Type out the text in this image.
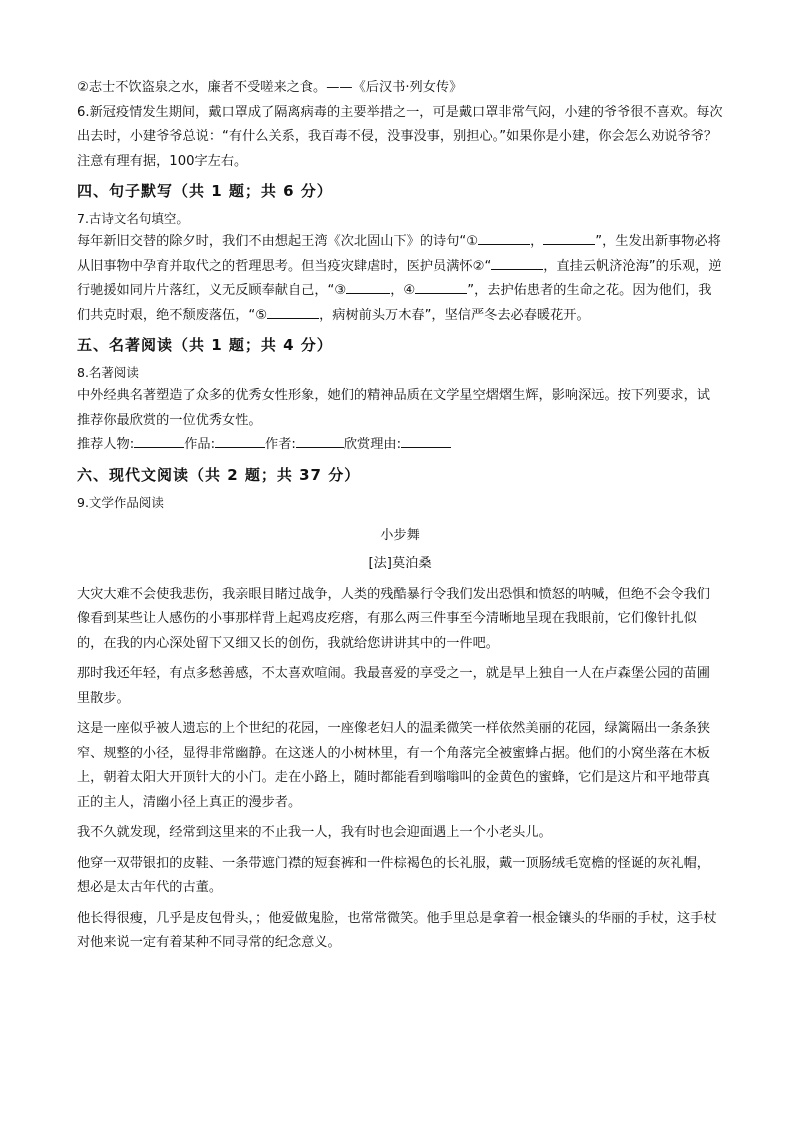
②志士不饮盗泉之水，廉者不受嗟来之食。——《后汉书·列女传》

6.新冠疫情发生期间，戴口罩成了隔离病毒的主要举措之一，可是戴口罩非常气闷，小建的爷爷很不喜欢。每次出去时，小建爷爷总说：“有什么关系，我百毒不侵，没事没事，别担心。”如果你是小建，你会怎么劝说爷爷？注意有理有据，100字左右。

四、句子默写（共 1 题；共 6 分）

7.古诗文名句填空。

每年新旧交替的除夕时，我们不由想起王湾《次北固山下》的诗句“①	，	”，生发出新事物必将从旧事物中孕育并取代之的哲理思考。但当疫灾肆虐时，医护员满怀②“	，直挂云帆济沧海”的乐观，逆行驰援如同片片落红，义无反顾奉献自己，“③	，④	”，去护佑患者的生命之花。因为他们，我们共克时艰，绝不颓废落伍，“⑤	，病树前头万木春”，坚信严冬去必春暖花开。

五、名著阅读（共 1 题；共 4 分）

8.名著阅读

中外经典名著塑造了众多的优秀女性形象，她们的精神品质在文学星空熠熠生辉，影响深远。按下列要求，试推荐你最欣赏的一位优秀女性。

推荐人物:	作品:	作者:	欣赏理由:

六、现代文阅读（共 2 题；共 37 分）

9.文学作品阅读

小步舞

[法]莫泊桑

大灾大难不会使我悲伤，我亲眼目睹过战争，人类的残酷暴行令我们发出恐惧和愤怒的呐喊，但绝不会令我们像看到某些让人感伤的小事那样背上起鸡皮疙瘩，有那么两三件事至今清晰地呈现在我眼前，它们像针扎似的，在我的内心深处留下又细又长的创伤，我就给您讲讲其中的一件吧。

那时我还年轻，有点多愁善感，不太喜欢喧闹。我最喜爱的享受之一，就是早上独自一人在卢森堡公园的苗圃里散步。

这是一座似乎被人遗忘的上个世纪的花园，一座像老妇人的温柔微笑一样依然美丽的花园，绿篱隔出一条条狭窄、规整的小径，显得非常幽静。在这迷人的小树林里，有一个角落完全被蜜蜂占据。他们的小窝坐落在木板上，朝着太阳大开顶针大的小门。走在小路上，随时都能看到嗡嗡叫的金黄色的蜜蜂，它们是这片和平地带真正的主人，清幽小径上真正的漫步者。

我不久就发现，经常到这里来的不止我一人，我有时也会迎面遇上一个小老头儿。

他穿一双带银扣的皮鞋、一条带遮门襟的短套裤和一件棕褐色的长礼服，戴一顶肠绒毛宽檐的怪诞的灰礼帽，想必是太古年代的古董。

他长得很瘦，几乎是皮包骨头，；他爱做鬼脸，也常常微笑。他手里总是拿着一根金镶头的华丽的手杖，这手杖对他来说一定有着某种不同寻常的纪念意义。
